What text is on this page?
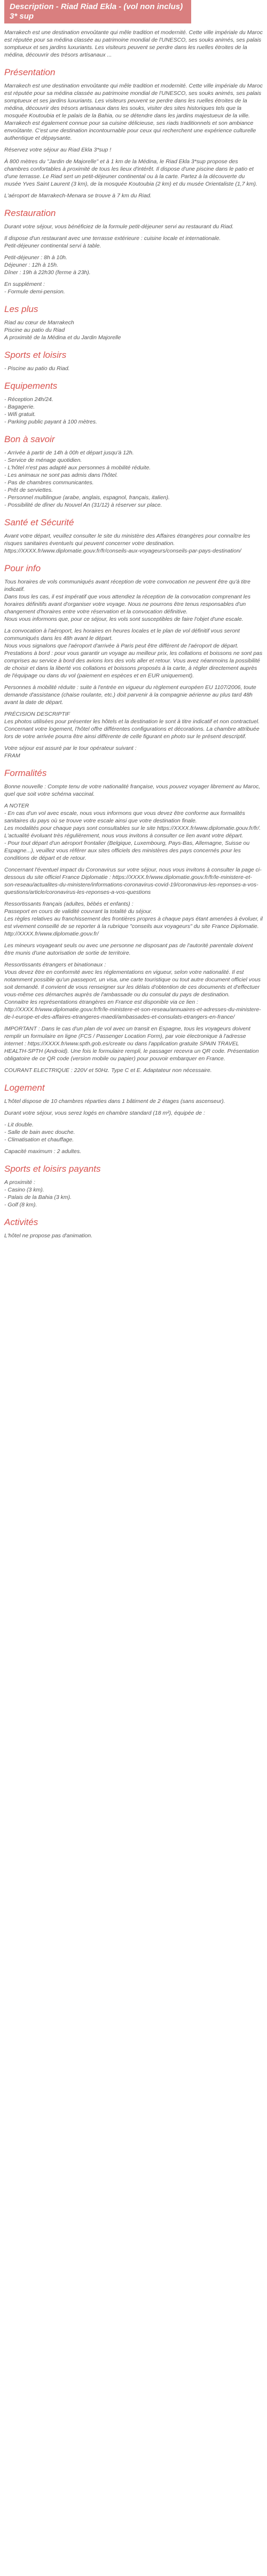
Description - Riad Riad Ekla - (vol non inclus) 3* sup

Marrakech est une destination envoûtante qui mêle tradition et modernité. Cette ville impériale du Maroc est réputée pour sa médina classée au patrimoine mondial de l'UNESCO, ses souks animés, ses palais somptueux et ses jardins luxuriants. Les visiteurs peuvent se perdre dans les ruelles étroites de la médina, découvrir des trésors artisanaux ...

Présentation

Marrakech est une destination envoûtante qui mêle tradition et modernité. Cette ville impériale du Maroc est réputée pour sa médina classée au patrimoine mondial de l'UNESCO, ses souks animés, ses palais somptueux et ses jardins luxuriants. Les visiteurs peuvent se perdre dans les ruelles étroites de la médina, découvrir des trésors artisanaux dans les souks, visiter des sites historiques tels que la mosquée Koutoubia et le palais de la Bahia, ou se détendre dans les jardins majestueux de la ville. Marrakech est également connue pour sa cuisine délicieuse, ses riads traditionnels et son ambiance envoûtante. C'est une destination incontournable pour ceux qui recherchent une expérience culturelle authentique et dépaysante.

Réservez votre séjour au Riad Ekla 3*sup !

À 800 mètres du "Jardin de Majorelle" et à 1 km de la Médina, le Riad Ekla 3*sup propose des chambres confortables à proximité de tous les lieux d'intérêt. Il dispose d'une piscine dans le patio et d'une terrasse. Le Riad sert un petit-déjeuner continental ou à la carte. Partez à la découverte du musée Yves Saint Laurent (3 km), de la mosquée Koutoubia (2 km) et du musée Orientaliste (1,7 km).

L'aéroport de Marrakech-Menara se trouve à 7 km du Riad.

Restauration

Durant votre séjour, vous bénéficiez de la formule petit-déjeuner servi au restaurant du Riad.

Il dispose d'un restaurant avec une terrasse extérieure : cuisine locale et internationale.
Petit-déjeuner continental servi à table.

Petit-déjeuner : 8h à 10h.
Déjeuner : 12h à 15h.
Dîner : 19h à 22h30 (ferme à 23h).

En supplément :
- Formule demi-pension.

Les plus

Riad au cœur de Marrakech
Piscine au patio du Riad
A proximité de la Médina et du Jardin Majorelle

Sports et loisirs

- Piscine au patio du Riad.

Equipements

- Réception 24h/24.
- Bagagerie.
- Wifi gratuit.
- Parking public payant à 100 mètres.

Bon à savoir

- Arrivée à partir de 14h à 00h et départ jusqu'à 12h.
- Service de ménage quotidien.
- L'hôtel n'est pas adapté aux personnes à mobilité réduite.
- Les animaux ne sont pas admis dans l'hôtel.
- Pas de chambres communicantes.
- Prêt de serviettes.
- Personnel multilingue (arabe, anglais, espagnol, français, italien).
- Possibilité de dîner du Nouvel An (31/12) à réserver sur place.

Santé et Sécurité

Avant votre départ, veuillez consulter le site du ministère des Affaires étrangères pour connaître les risques sanitaires éventuels qui peuvent concerner votre destination. https://XXXX.fr/www.diplomatie.gouv.fr/fr/conseils-aux-voyageurs/conseils-par-pays-destination/

Pour info

Tous horaires de vols communiqués avant réception de votre convocation ne peuvent être qu'à titre indicatif.
Dans tous les cas, il est impératif que vous attendiez la réception de la convocation comprenant les horaires définitifs avant d'organiser votre voyage. Nous ne pourrons être tenus responsables d'un changement d'horaires entre votre réservation et la convocation définitive.
Nous vous informons que, pour ce séjour, les vols sont susceptibles de faire l'objet d'une escale.

La convocation à l'aéroport, les horaires en heures locales et le plan de vol définitif vous seront communiqués dans les 48h avant le départ.
Nous vous signalons que l'aéroport d'arrivée à Paris peut être différent de l'aéroport de départ.
Prestations à bord : pour vous garantir un voyage au meilleur prix, les collations et boissons ne sont pas comprises au service à bord des avions lors des vols aller et retour. Vous avez néanmoins la possibilité de choisir et dans la liberté vos collations et boissons proposés à la carte, à régler directement auprès de l'équipage ou dans du vol (paiement en espèces et en EUR uniquement).

Personnes à mobilité réduite : suite à l'entrée en vigueur du règlement européen EU 1107/2006, toute demande d'assistance (chaise roulante, etc.) doit parvenir à la compagnie aérienne au plus tard 48h avant la date de départ.

PRÉCISION DESCRIPTIF
Les photos utilisées pour présenter les hôtels et la destination le sont à titre indicatif et non contractuel. Concernant votre logement, l'hôtel offre différentes configurations et décorations. La chambre attribuée lors de votre arrivée pourra être ainsi différente de celle figurant en photo sur le présent descriptif.

Votre séjour est assuré par le tour opérateur suivant :
FRAM

Formalités

Bonne nouvelle : Compte tenu de votre nationalité française, vous pouvez voyager librement au Maroc, quel que soit votre schéma vaccinal.

A NOTER
- En cas d'un vol avec escale, nous vous informons que vous devez être conforme aux formalités sanitaires du pays où se trouve votre escale ainsi que votre destination finale.
Les modalités pour chaque pays sont consultables sur le site https://XXXX.fr/www.diplomatie.gouv.fr/fr/. L'actualité évoluant très régulièrement, nous vous invitons à consulter ce lien avant votre départ.
- Pour tout départ d'un aéroport frontalier (Belgique, Luxembourg, Pays-Bas, Allemagne, Suisse ou Espagne...), veuillez vous référer aux sites officiels des ministères des pays concernés pour les conditions de départ et de retour.

Concernant l'éventuel impact du Coronavirus sur votre séjour, nous vous invitons à consulter la page ci-dessous du site officiel France Diplomatie : https://XXXX.fr/www.diplomatie.gouv.fr/fr/le-ministere-et-son-reseau/actualites-du-ministere/informations-coronavirus-covid-19/coronavirus-les-reponses-a-vos-questions/article/coronavirus-les-reponses-a-vos-questions

Ressortissants français (adultes, bébés et enfants) :
Passeport en cours de validité couvrant la totalité du séjour.
Les règles relatives au franchissement des frontières propres à chaque pays étant amenées à évoluer, il est vivement conseillé de se reporter à la rubrique "conseils aux voyageurs" du site France Diplomatie. http://XXXX.fr/www.diplomatie.gouv.fr/

Les mineurs voyageant seuls ou avec une personne ne disposant pas de l'autorité parentale doivent être munis d'une autorisation de sortie de territoire.

Ressortissants étrangers et binationaux :
Vous devez être en conformité avec les réglementations en vigueur, selon votre nationalité. Il est notamment possible qu'un passeport, un visa, une carte touristique ou tout autre document officiel vous soit demandé. Il convient de vous renseigner sur les délais d'obtention de ces documents et d'effectuer vous-même ces démarches auprès de l'ambassade ou du consulat du pays de destination.
Connaitre les représentations étrangères en France est disponible via ce lien : http://XXXX.fr/www.diplomatie.gouv.fr/fr/le-ministere-et-son-reseau/annuaires-et-adresses-du-ministere-de-l-europe-et-des-affaires-etrangeres-maedi/ambassades-et-consulats-etrangers-en-france/

IMPORTANT : Dans le cas d'un plan de vol avec un transit en Espagne, tous les voyageurs doivent remplir un formulaire en ligne (FCS / Passenger Location Form), par voie électronique à l'adresse internet : https://XXXX.fr/www.spth.gob.es/create ou dans l'application gratuite SPAIN TRAVEL HEALTH-SPTH (Android). Une fois le formulaire rempli, le passager recevra un QR code. Présentation obligatoire de ce QR code (version mobile ou papier) pour pouvoir embarquer en France.

COURANT ELECTRIQUE : 220V et 50Hz. Type C et E. Adaptateur non nécessaire.

Logement

L'hôtel dispose de 10 chambres réparties dans 1 bâtiment de 2 étages (sans ascenseur).

Durant votre séjour, vous serez logés en chambre standard (18 m²), équipée de :

- Lit double.
- Salle de bain avec douche.
- Climatisation et chauffage.

Capacité maximum : 2 adultes.

Sports et loisirs payants

A proximité :
- Casino (3 km).
- Palais de la Bahia (3 km).
- Golf (8 km).

Activités

L'hôtel ne propose pas d'animation.
